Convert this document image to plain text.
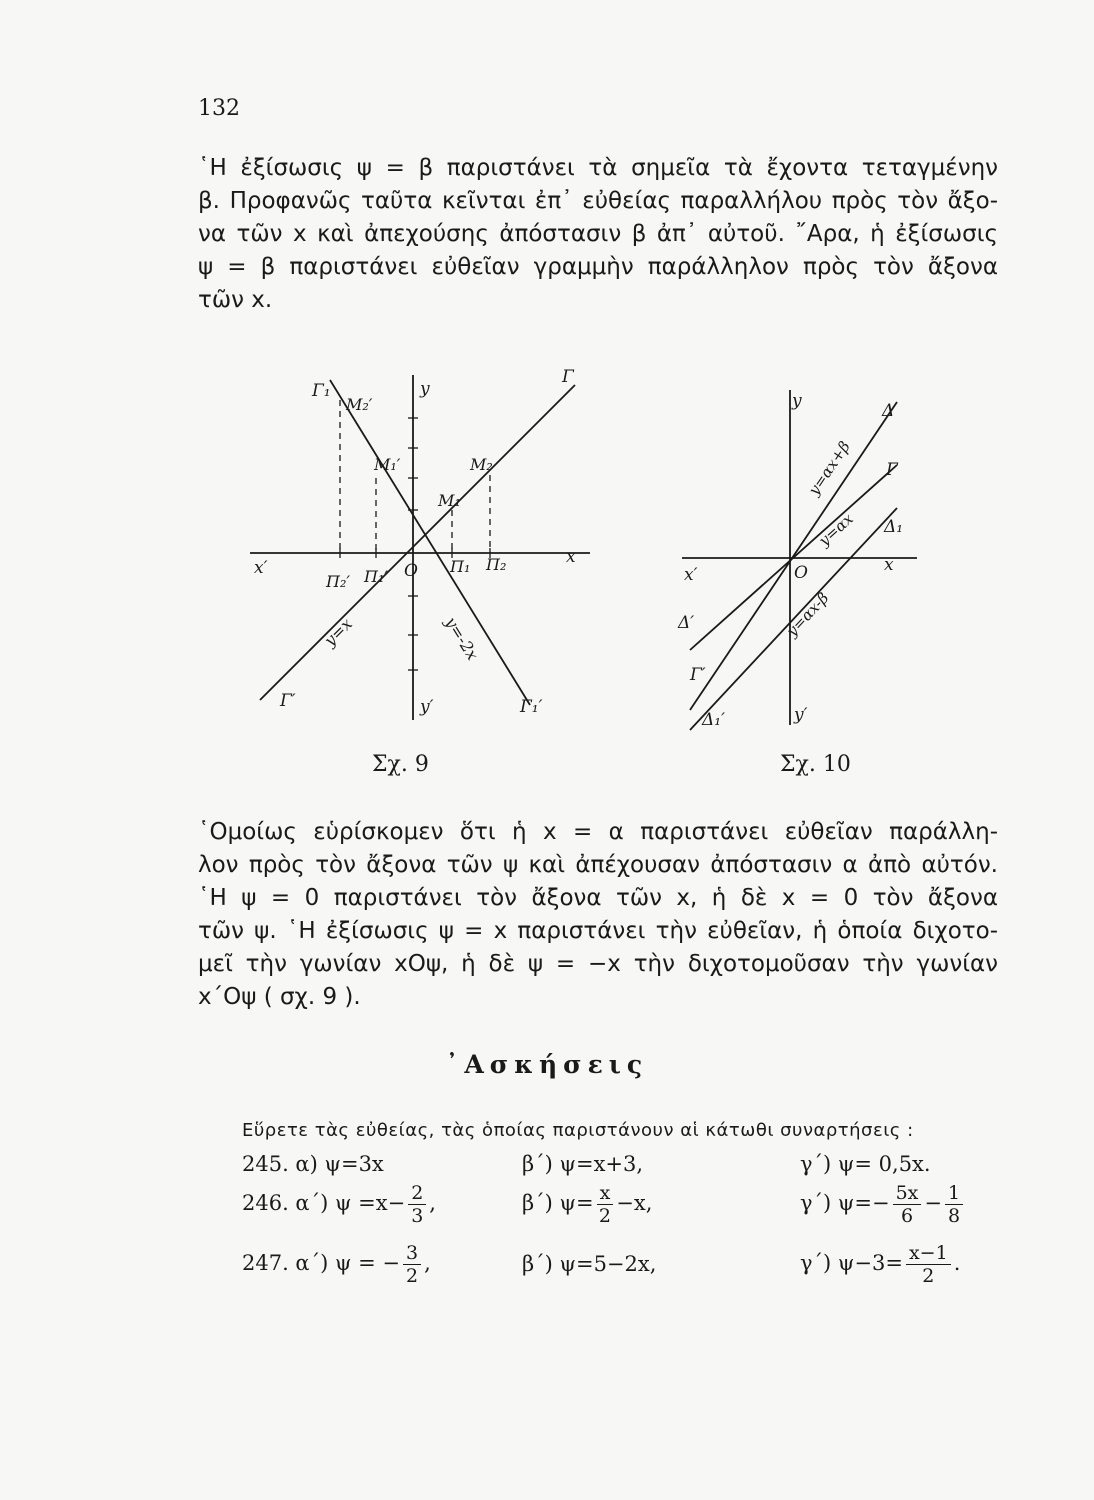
132
῾Η ἐξίσωσις ψ = β παριστάνει τὰ σημεῖα τὰ ἔχοντα τεταγμένην
β. Προφανῶς ταῦτα κεῖνται ἐπ᾽ εὐθείας παραλλήλου πρὸς τὸν ἄξο-
να τῶν x καὶ ἀπεχούσης ἀπόστασιν β ἀπ᾽ αὐτοῦ. ῎Αρα, ἡ ἐξίσωσις
ψ = β παριστάνει εὐθεῖαν γραμμὴν παράλληλον πρὸς τὸν ἄξονα
τῶν x.
Γ₁
M₂′
y
Γ
M₁′	M₂
M₁
x′
Π₂′ Π₁′ O Π₁ Π₂	x
y=x	y=-2x
Γ′	y′	Γ₁′
Σχ. 9
y	Δ
Γ
Δ₁
y=αx+β
y=αx
y=αx-β
x′	O	x
Δ′
Γ′
Δ₁′	y′
Σχ. 10
῾Ομοίως εὑρίσκομεν ὅτι ἡ x = α παριστάνει εὐθεῖαν παράλλη-
λον πρὸς τὸν ἄξονα τῶν ψ καὶ ἀπέχουσαν ἀπόστασιν α ἀπὸ αὐτόν.
῾Η ψ = 0 παριστάνει τὸν ἄξονα τῶν x, ἡ δὲ x = 0 τὸν ἄξονα
τῶν ψ. ῾Η ἐξίσωσις ψ = x παριστάνει τὴν εὐθεῖαν, ἡ ὁποία διχοτο-
μεῖ τὴν γωνίαν xOψ, ἡ δὲ ψ = −x τὴν διχοτομοῦσαν τὴν γωνίαν
x΄Oψ ( σχ. 9 ).
᾿Ασκήσεις
Εὕρετε τὰς εὐθείας, τὰς ὁποίας παριστάνουν αἱ κάτωθι συναρτήσεις :
245. α) ψ=3x	β΄) ψ=x+3,	γ΄) ψ= 0,5x.
246. α΄) $\psi =x- \frac{2}{3}$ ,	β΄) $\psi= \frac{x}{2} -x$,	γ΄) $\psi=- \frac{5x}{6} - \frac{1}{8}$
247. α΄) ψ = − $\frac{3}{2}$ ,	β΄) ψ=5−2x,	γ΄) $\psi-3= \frac{x-1}{2}$ .
